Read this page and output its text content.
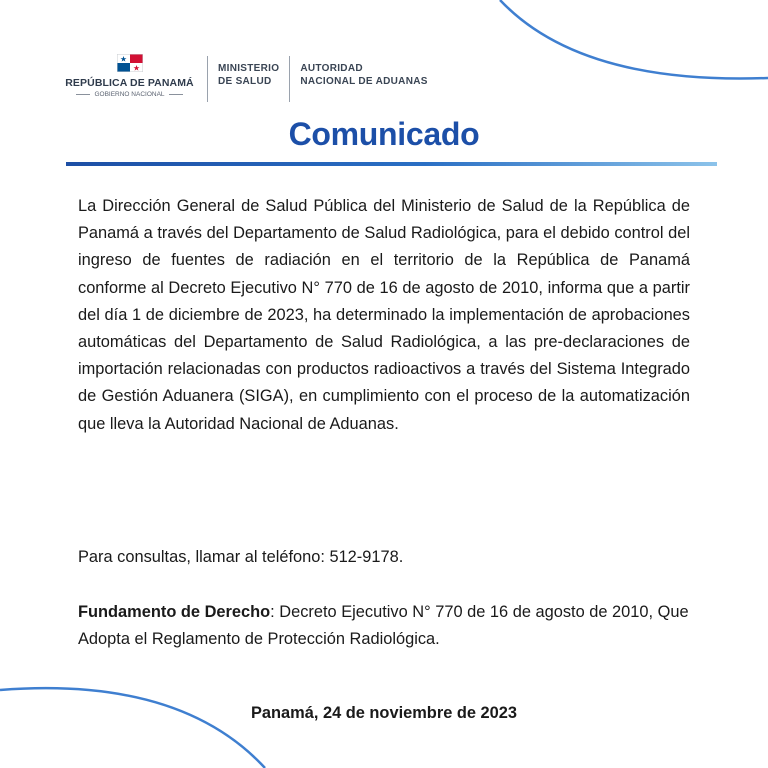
REPÚBLICA DE PANAMÁ
GOBIERNO NACIONAL
MINISTERIO
DE SALUD
AUTORIDAD
NACIONAL DE ADUANAS
Comunicado

La Dirección General de Salud Pública del Ministerio de Salud de la República de Panamá a través del Departamento de Salud Radiológica, para el debido control del ingreso de fuentes de radiación en el territorio de la República de Panamá conforme al Decreto Ejecutivo N° 770 de 16 de agosto de 2010, informa que a partir del día 1 de diciembre de 2023, ha determinado la implementación de aprobaciones automáticas del Departamento de Salud Radiológica, a las pre-declaraciones de importación relacionadas con productos radioactivos a través del Sistema Integrado de Gestión Aduanera (SIGA), en cumplimiento con el proceso de la automatización que lleva la Autoridad Nacional de Aduanas.

Para consultas, llamar al teléfono: 512-9178.

Fundamento de Derecho: Decreto Ejecutivo N° 770 de 16 de agosto de 2010, Que Adopta el Reglamento de Protección Radiológica.

Panamá, 24 de noviembre de 2023
